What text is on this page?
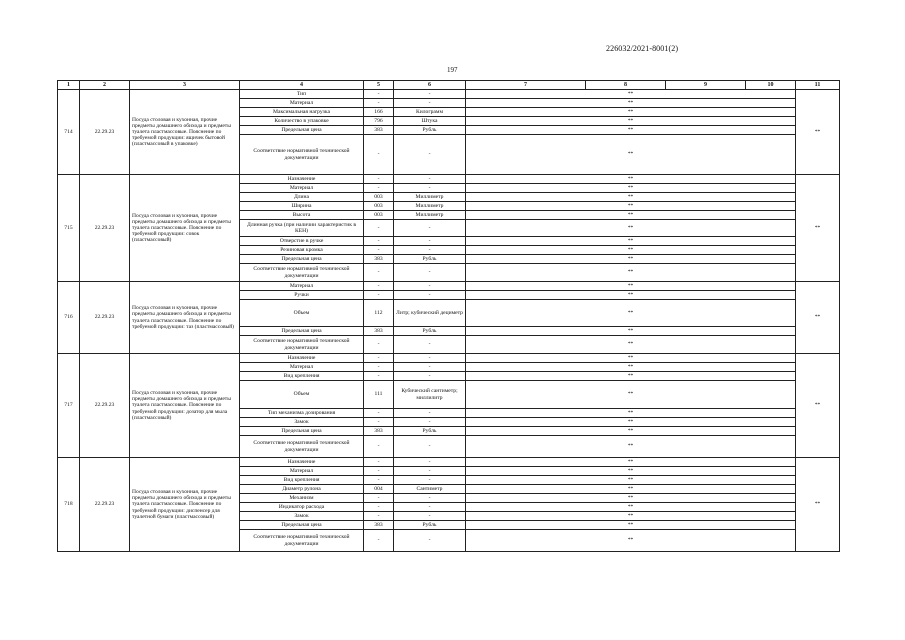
226032/2021-8001(2)
197
1	2	3	4	5	6	7	8	9	10	11
714	22.29.23	Посуда столовая и кухонная, прочие предметы домашнего обихода и предметы туалета пластмассовые. Пояснение по требуемой продукции: ящичек бытовой (пластмассовый в упаковке)	Тип	-	-	**				**
			Материал	-	-	**				
			Максимальная нагрузка	166	Килограмм	**				
			Количество в упаковке	796	Штука	**				
			Предельная цена	383	Рубль	**				
			Соответствие нормативной технической документации	-	-	**				
715	22.29.23	Посуда столовая и кухонная, прочие предметы домашнего обихода и предметы туалета пластмассовые. Пояснение по требуемой продукции: совок (пластмассовый)	Назначение	-	-	**				**
			Материал	-	-	**				
			Длина	003	Миллиметр	**				
			Ширина	003	Миллиметр	**				
			Высота	003	Миллиметр	**				
			Длинная ручка (при наличии характеристик в КЕН)	-	-	**				
			Отверстие в ручке	-	-	**				
			Резиновая кромка	-	-	**				
			Предельная цена	383	Рубль	**				
			Соответствие нормативной технической документации	-	-	**				
716	22.29.23	Посуда столовая и кухонная, прочие предметы домашнего обихода и предметы туалета пластмассовые. Пояснение по требуемой продукции: таз (пластмассовый)	Материал	-	-	**				**
			Ручки	-	-	**				
			Объем	112	Литр; кубический дециметр	**				
			Предельная цена	383	Рубль	**				
			Соответствие нормативной технической документации	-	-	**				
717	22.29.23	Посуда столовая и кухонная, прочие предметы домашнего обихода и предметы туалета пластмассовые. Пояснение по требуемой продукции: дозатор для мыла (пластмассовый)	Назначение	-	-	**				**
			Материал	-	-	**				
			Вид крепления	-	-	**				
			Объем	111	Кубический сантиметр; миллилитр	**				
			Тип механизма дозирования	-	-	**				
			Замок	-	-	**				
			Предельная цена	383	Рубль	**				
			Соответствие нормативной технической документации	-	-	**				
718	22.29.23	Посуда столовая и кухонная, прочие предметы домашнего обихода и предметы туалета пластмассовые. Пояснение по требуемой продукции: диспенсер для туалетной бумаги (пластмассовый)	Назначение	-	-	**				**
			Материал	-	-	**				
			Вид крепления	-	-	**				
			Диаметр рулона	004	Сантиметр	**				
			Механизм	-	-	**				
			Индикатор расхода	-	-	**				
			Замок	-	-	**				
			Предельная цена	383	Рубль	**				
			Соответствие нормативной технической документации	-	-	**				
